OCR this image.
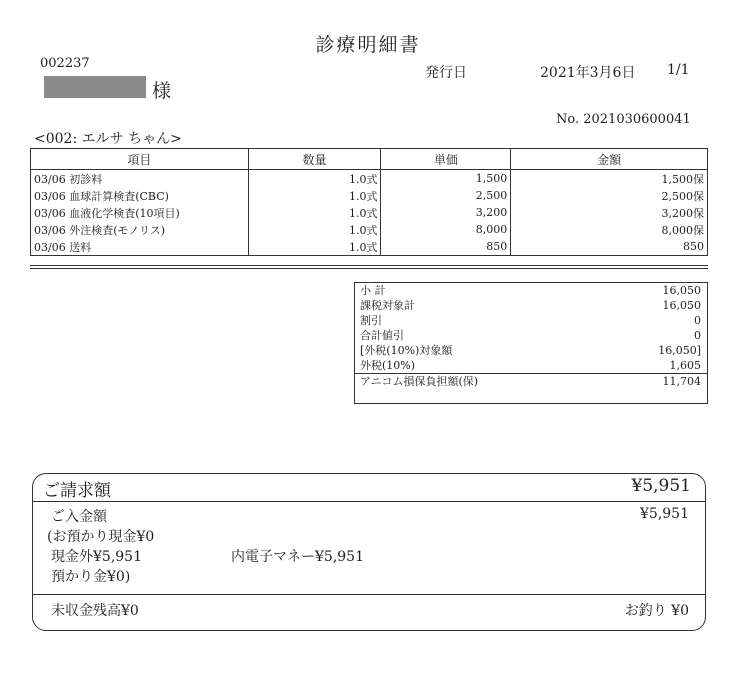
診療明細書
002237
様
発行日	2021年3月6日 1/1
No. 2021030600041
<002: エルサ ちゃん>
項目	数量	単価	金額
03/06 初診料	1.0式	1,500	1,500保
03/06 血球計算検査(CBC)	1.0式	2,500	2,500保
03/06 血液化学検査(10項目)	1.0式	3,200	3,200保
03/06 外注検査(モノリス)	1.0式	8,000	8,000保
03/06 送料	1.0式	850	850
小 計	16,050
課税対象計	16,050
割引	0
合計値引	0
[外税(10%)対象額	16,050]
外税(10%)	1,605
アニコム損保負担額(保)	11,704
ご請求額	¥5,951
ご入金額	¥5,951
(お預かり現金¥0
現金外¥5,951	内電子マネー¥5,951
預かり金¥0)
未収金残高¥0	お釣り ¥0
